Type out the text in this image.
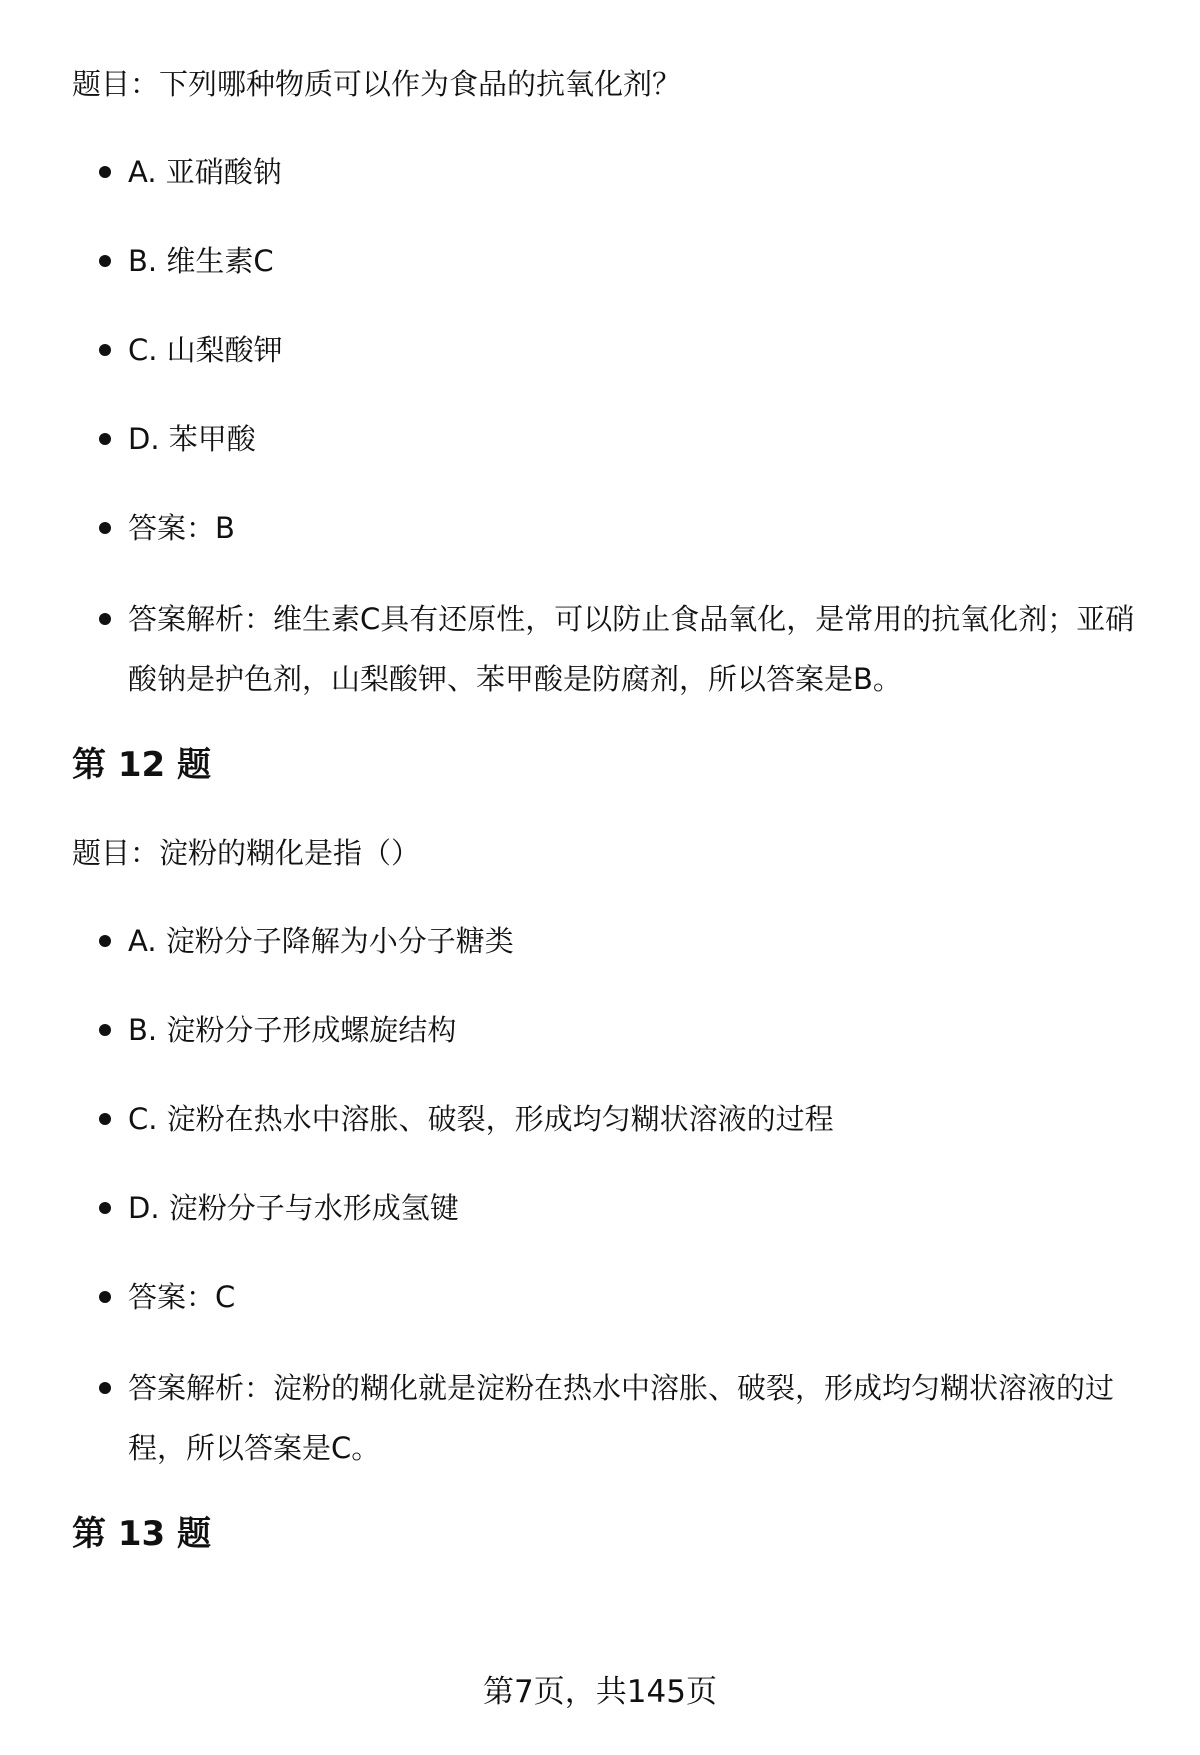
题目：下列哪种物质可以作为食品的抗氧化剂？

A. 亚硝酸钠
B. 维生素C
C. 山梨酸钾
D. 苯甲酸
答案：B
答案解析：维生素C具有还原性，可以防止食品氧化，是常用的抗氧化剂；亚硝酸钠是护色剂，山梨酸钾、苯甲酸是防腐剂，所以答案是B。
第 12 题

题目：淀粉的糊化是指（）

A. 淀粉分子降解为小分子糖类
B. 淀粉分子形成螺旋结构
C. 淀粉在热水中溶胀、破裂，形成均匀糊状溶液的过程
D. 淀粉分子与水形成氢键
答案：C
答案解析：淀粉的糊化就是淀粉在热水中溶胀、破裂，形成均匀糊状溶液的过程，所以答案是C。
第 13 题
第7页，共145页
